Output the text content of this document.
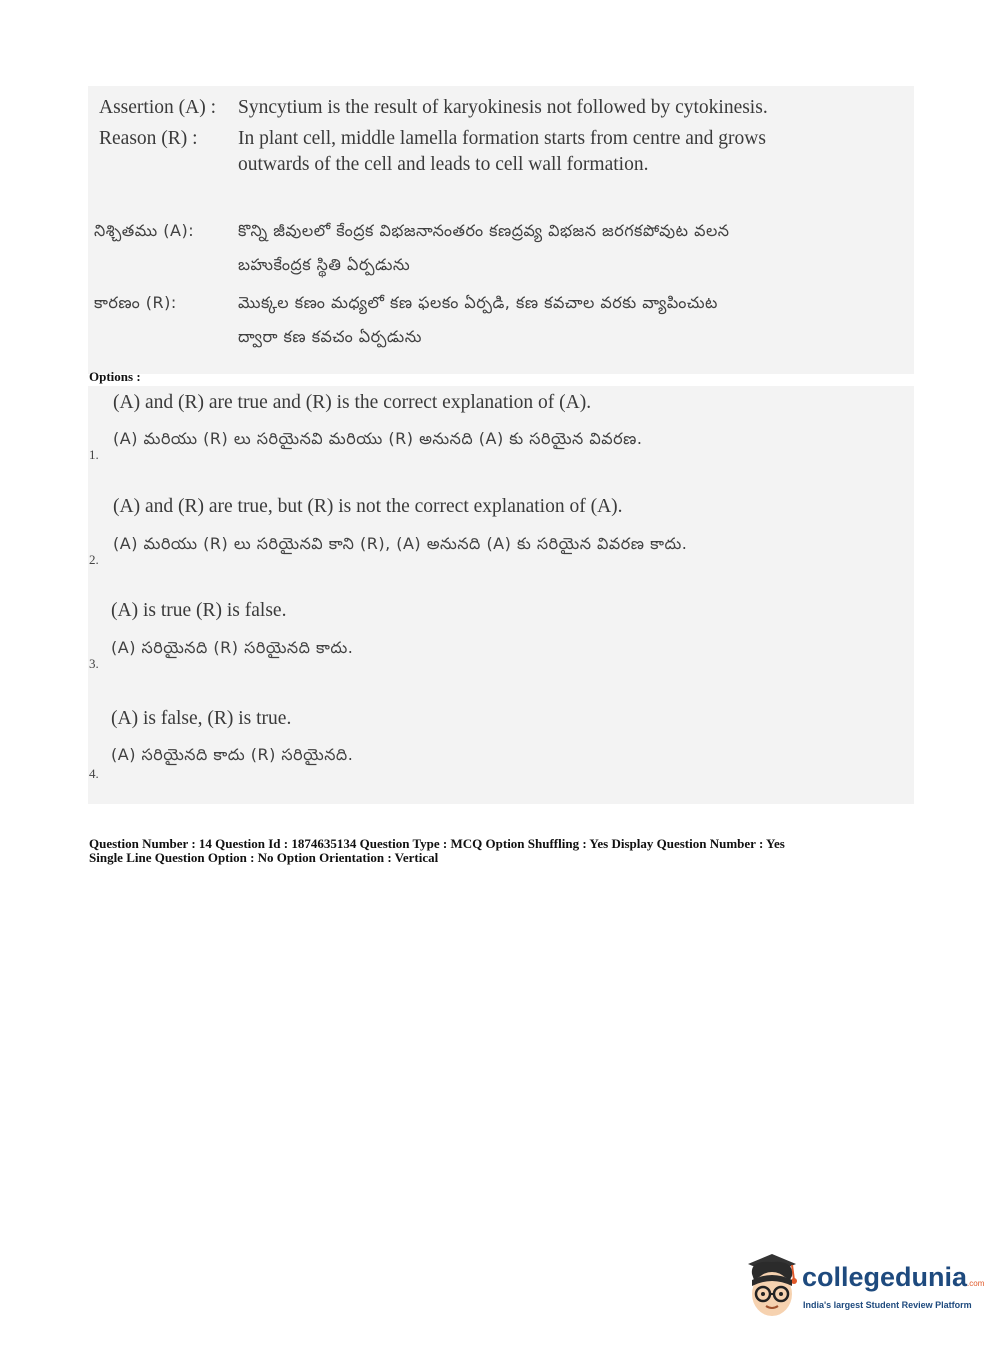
Assertion (A) : Syncytium is the result of karyokinesis not followed by cytokinesis.
Reason (R) : In plant cell, middle lamella formation starts from centre and grows
outwards of the cell and leads to cell wall formation.
నిశ్చితము (A):	కొన్ని జీవులలో కేంద్రక విభజనానంతరం కణద్రవ్య విభజన జరగకపోవుట వలన
బహుకేంద్రక స్థితి ఏర్పడును
కారణం (R):	మొక్కల కణం మధ్యలో కణ ఫలకం ఏర్పడి, కణ కవచాల వరకు వ్యాపించుట
ద్వారా కణ కవచం ఏర్పడును
Options :
(A) and (R) are true and (R) is the correct explanation of (A).
(A) మరియు (R) లు సరియైనవి మరియు (R) అనునది (A) కు సరియైన వివరణ.
1.
(A) and (R) are true, but (R) is not the correct explanation of (A).
(A) మరియు (R) లు సరియైనవి కాని (R), (A) అనునది (A) కు సరియైన వివరణ కాదు.
2.
(A) is true (R) is false.
(A) సరియైనది (R) సరియైనది కాదు.
3.
(A) is false, (R) is true.
(A) సరియైనది కాదు (R) సరియైనది.
4.
Question Number : 14 Question Id : 1874635134 Question Type : MCQ Option Shuffling : Yes Display Question Number : Yes
Single Line Question Option : No Option Orientation : Vertical
collegedunia.com
India's largest Student Review Platform
